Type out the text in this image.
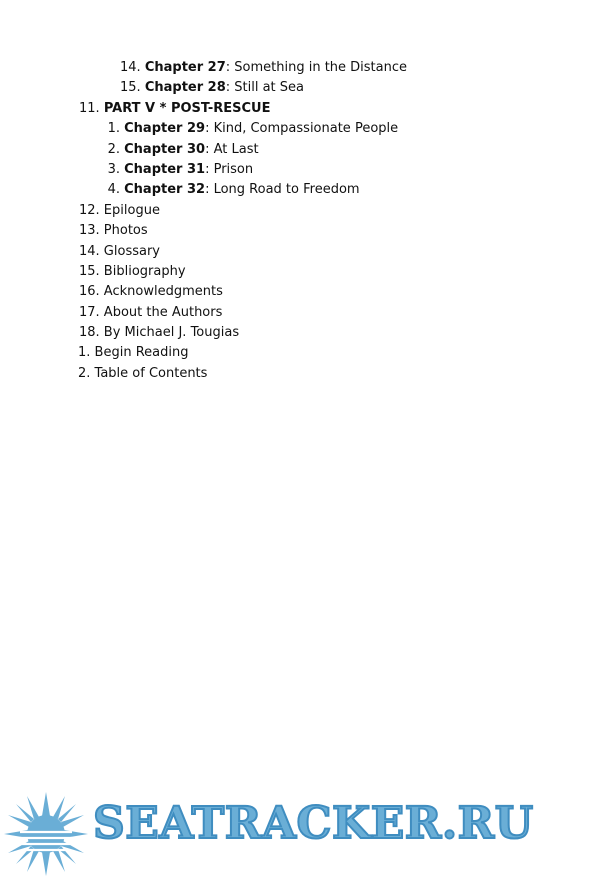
14. Chapter 27: Something in the Distance
15. Chapter 28: Still at Sea
11. PART V * POST-RESCUE
1. Chapter 29: Kind, Compassionate People
2. Chapter 30: At Last
3. Chapter 31: Prison
4. Chapter 32: Long Road to Freedom
12. Epilogue
13. Photos
14. Glossary
15. Bibliography
16. Acknowledgments
17. About the Authors
18. By Michael J. Tougias
1. Begin Reading
2. Table of Contents
SEATRACKER.RU
